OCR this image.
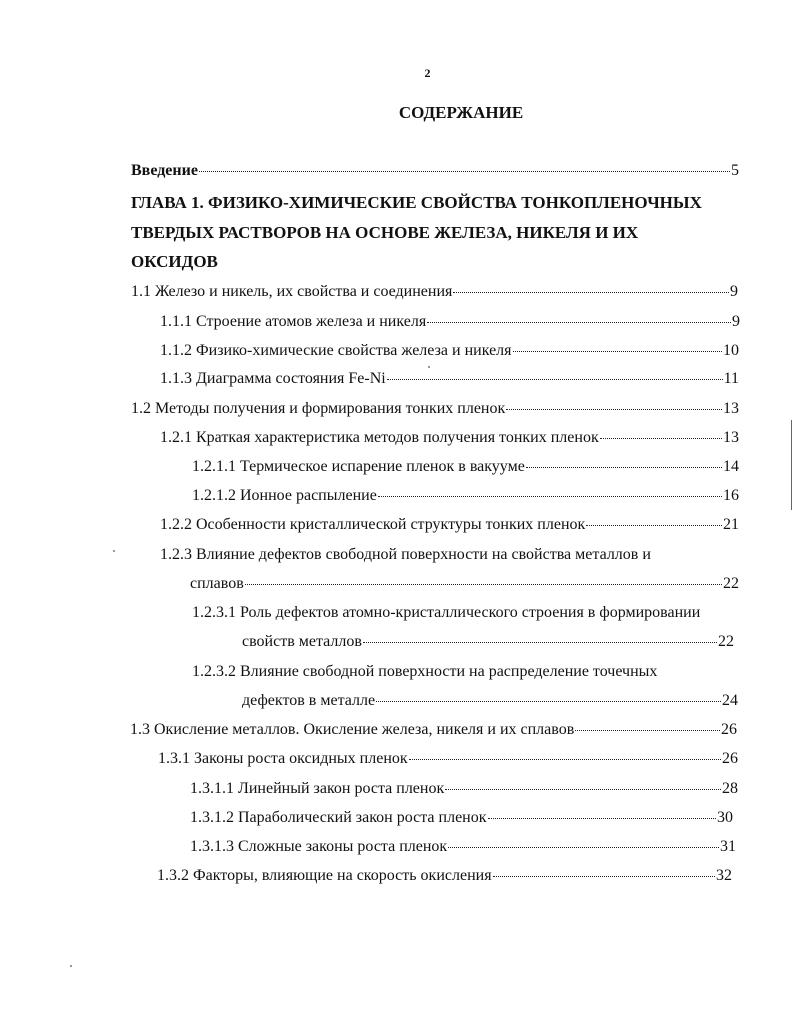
2
СОДЕРЖАНИЕ
Введение	5
ГЛАВА 1. ФИЗИКО-ХИМИЧЕСКИЕ СВОЙСТВА ТОНКОПЛЕНОЧНЫХ
ТВЕРДЫХ РАСТВОРОВ НА ОСНОВЕ ЖЕЛЕЗА, НИКЕЛЯ И ИХ
ОКСИДОВ
1.1 Железо и никель, их свойства и соединения	9
1.1.1 Строение атомов железа и никеля	9
1.1.2 Физико-химические свойства железа и никеля	10
1.1.3 Диаграмма состояния Fe-Ni	11
1.2 Методы получения и формирования тонких пленок	13
1.2.1 Краткая характеристика методов получения тонких пленок	13
1.2.1.1 Термическое испарение пленок в вакууме	14
1.2.1.2 Ионное распыление	16
1.2.2 Особенности кристаллической структуры тонких пленок	21
1.2.3 Влияние дефектов свободной поверхности на свойства металлов и
сплавов	22
1.2.3.1 Роль дефектов атомно-кристаллического строения в формировании
свойств металлов	22
1.2.3.2 Влияние свободной поверхности на распределение точечных
дефектов в металле	24
1.3 Окисление металлов. Окисление железа, никеля и их сплавов	26
1.3.1 Законы роста оксидных пленок	26
1.3.1.1 Линейный закон роста пленок	28
1.3.1.2 Параболический закон роста пленок	30
1.3.1.3 Сложные законы роста пленок	31
1.3.2 Факторы, влияющие на скорость окисления	32
